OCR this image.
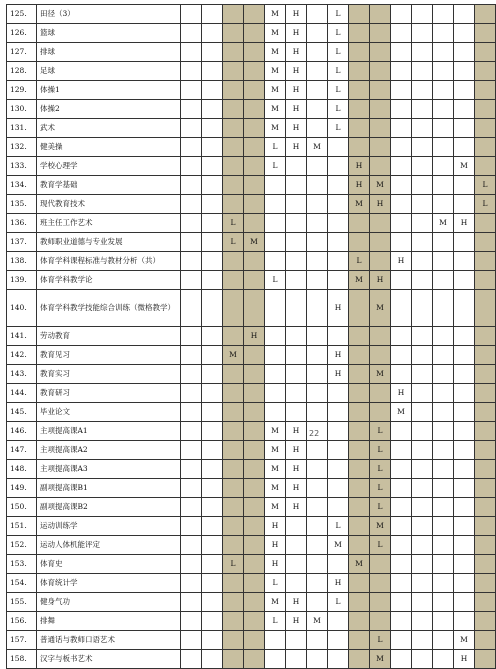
125.	田径（3）					M	H		L							
126.	篮球					M	H		L							
127.	排球					M	H		L							
128.	足球					M	H		L							
129.	体操1					M	H		L							
130.	体操2					M	H		L							
131.	武术					M	H		L							
132.	健美操					L	H	M								
133.	学校心理学					L				H					M	
134.	教育学基础									H	M					L
135.	现代教育技术									M	H					L
136.	班主任工作艺术			L										M	H	
137.	教师职业道德与专业发展			L	M											
138.	体育学科课程标准与教材分析（共）									L		H				
139.	体育学科教学论					L				M	H					
140.	体育学科教学技能综合训练（微格教学）								H		M					
141.	劳动教育				H											
142.	教育见习			M					H							
143.	教育实习								H		M					
144.	教育研习											H				
145.	毕业论文											M				
146.	主项提高课A1					M	H				L					
147.	主项提高课A2					M	H				L					
148.	主项提高课A3					M	H				L					
149.	副项提高课B1					M	H				L					
150.	副项提高课B2					M	H				L					
151.	运动训练学					H			L		M					
152.	运动人体机能评定					H			M		L					
153.	体育史			L		H				M						
154.	体育统计学					L			H							
155.	健身气功					M	H		L							
156.	排舞					L	H	M								
157.	普通话与教师口语艺术										L				M	
158.	汉字与板书艺术										M				H	
22
